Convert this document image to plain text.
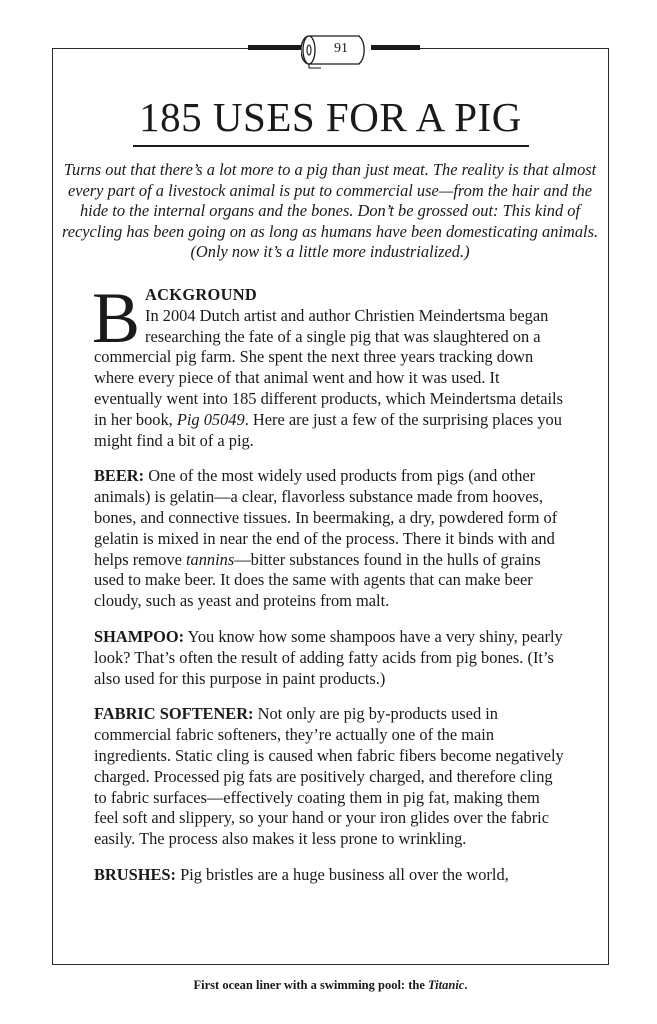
91
185 USES FOR A PIG

Turns out that there’s a lot more to a pig than just meat. The reality is that almost every part of a livestock animal is put to commercial use—from the hair and the hide to the internal organs and the bones. Don’t be grossed out: This kind of recycling has been going on as long as humans have been domesticating animals. (Only now it’s a little more industrialized.)

BACKGROUND
In 2004 Dutch artist and author Christien Meindertsma began researching the fate of a single pig that was slaughtered on a commercial pig farm. She spent the next three years tracking down where every piece of that animal went and how it was used. It eventually went into 185 different products, which Meindertsma details in her book, Pig 05049. Here are just a few of the surprising places you might find a bit of a pig.

BEER: One of the most widely used products from pigs (and other animals) is gelatin—a clear, flavorless substance made from hooves, bones, and connective tissues. In beermaking, a dry, powdered form of gelatin is mixed in near the end of the process. There it binds with and helps remove tannins—bitter substances found in the hulls of grains used to make beer. It does the same with agents that can make beer cloudy, such as yeast and proteins from malt.

SHAMPOO: You know how some shampoos have a very shiny, pearly look? That’s often the result of adding fatty acids from pig bones. (It’s also used for this purpose in paint products.)

FABRIC SOFTENER: Not only are pig by-products used in commercial fabric softeners, they’re actually one of the main ingredients. Static cling is caused when fabric fibers become negatively charged. Processed pig fats are positively charged, and therefore cling to fabric surfaces—effectively coating them in pig fat, making them feel soft and slippery, so your hand or your iron glides over the fabric easily. The process also makes it less prone to wrinkling.

BRUSHES: Pig bristles are a huge business all over the world,

First ocean liner with a swimming pool: the Titanic.
